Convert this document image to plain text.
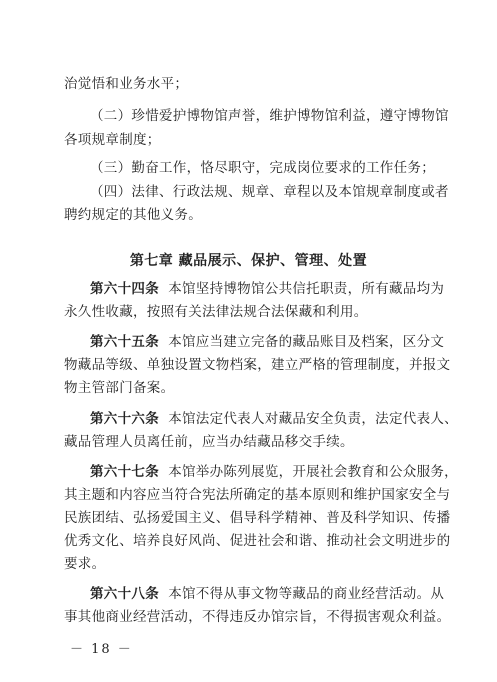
治觉悟和业务水平；
（二）珍惜爱护博物馆声誉，维护博物馆利益，遵守博物馆
各项规章制度；
（三）勤奋工作，恪尽职守，完成岗位要求的工作任务；
（四）法律、行政法规、规章、章程以及本馆规章制度或者
聘约规定的其他义务。
第七章 藏品展示、保护、管理、处置
第六十四条 本馆坚持博物馆公共信托职责，所有藏品均为
永久性收藏，按照有关法律法规合法保藏和利用。
第六十五条 本馆应当建立完备的藏品账目及档案，区分文
物藏品等级、单独设置文物档案，建立严格的管理制度，并报文
物主管部门备案。
第六十六条 本馆法定代表人对藏品安全负责，法定代表人、
藏品管理人员离任前，应当办结藏品移交手续。
第六十七条 本馆举办陈列展览，开展社会教育和公众服务，
其主题和内容应当符合宪法所确定的基本原则和维护国家安全与
民族团结、弘扬爱国主义、倡导科学精神、普及科学知识、传播
优秀文化、培养良好风尚、促进社会和谐、推动社会文明进步的
要求。
第六十八条 本馆不得从事文物等藏品的商业经营活动。从
事其他商业经营活动，不得违反办馆宗旨，不得损害观众利益。
－ 18 －
